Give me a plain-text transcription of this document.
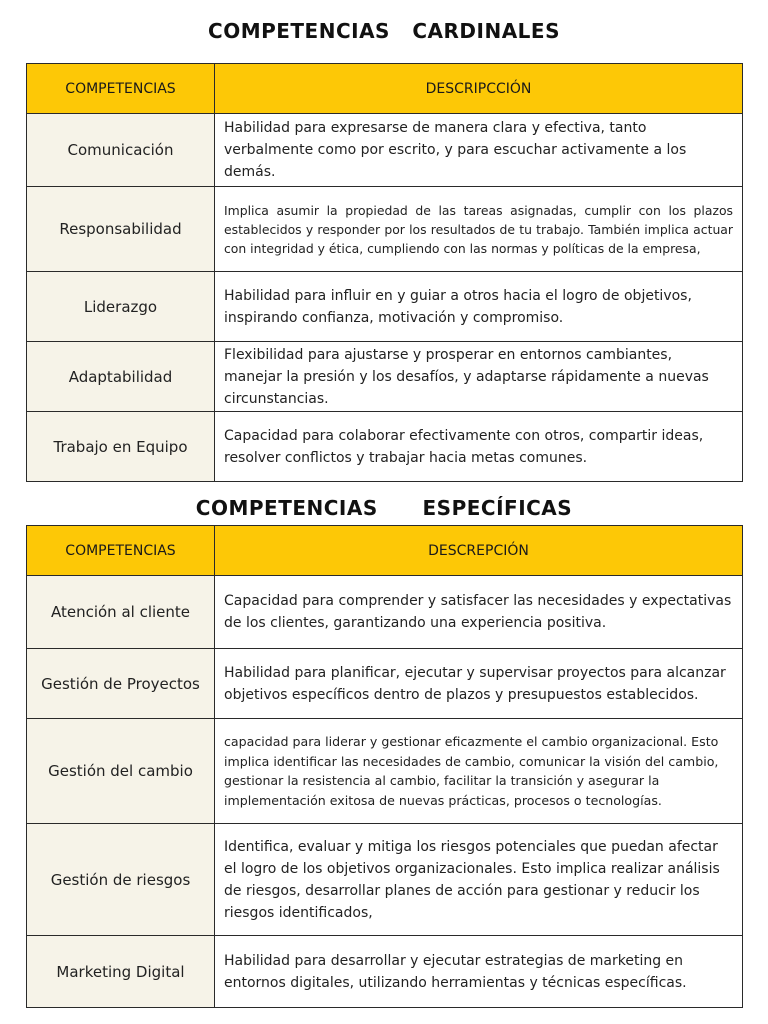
COMPETENCIAS   CARDINALES
COMPETENCIAS	DESCRIPCCIÓN
Comunicación	Habilidad para expresarse de manera clara y efectiva, tanto verbalmente como por escrito, y para escuchar activamente a los demás.
Responsabilidad	Implica asumir la propiedad de las tareas asignadas, cumplir con los plazos establecidos y responder por los resultados de tu trabajo. También implica actuar con integridad y ética, cumpliendo con las normas y políticas de la empresa,
Liderazgo	Habilidad para influir en y guiar a otros hacia el logro de objetivos, inspirando confianza, motivación y compromiso.
Adaptabilidad	Flexibilidad para ajustarse y prosperar en entornos cambiantes, manejar la presión y los desafíos, y adaptarse rápidamente a nuevas circunstancias.
Trabajo en Equipo	Capacidad para colaborar efectivamente con otros, compartir ideas, resolver conflictos y trabajar hacia metas comunes.
COMPETENCIAS      ESPECÍFICAS
COMPETENCIAS	DESCREPCIÓN
Atención al cliente	Capacidad para comprender y satisfacer las necesidades y expectativas de los clientes, garantizando una experiencia positiva.
Gestión de Proyectos	Habilidad para planificar, ejecutar y supervisar proyectos para alcanzar objetivos específicos dentro de plazos y presupuestos establecidos.
Gestión del cambio	capacidad para liderar y gestionar eficazmente el cambio organizacional. Esto implica identificar las necesidades de cambio, comunicar la visión del cambio, gestionar la resistencia al cambio, facilitar la transición y asegurar la implementación exitosa de nuevas prácticas, procesos o tecnologías.
Gestión de riesgos	Identifica, evaluar y mitiga los riesgos potenciales que puedan afectar el logro de los objetivos organizacionales. Esto implica realizar análisis de riesgos, desarrollar planes de acción para gestionar y reducir los riesgos identificados,
Marketing Digital	Habilidad para desarrollar y ejecutar estrategias de marketing en entornos digitales, utilizando herramientas y técnicas específicas.
